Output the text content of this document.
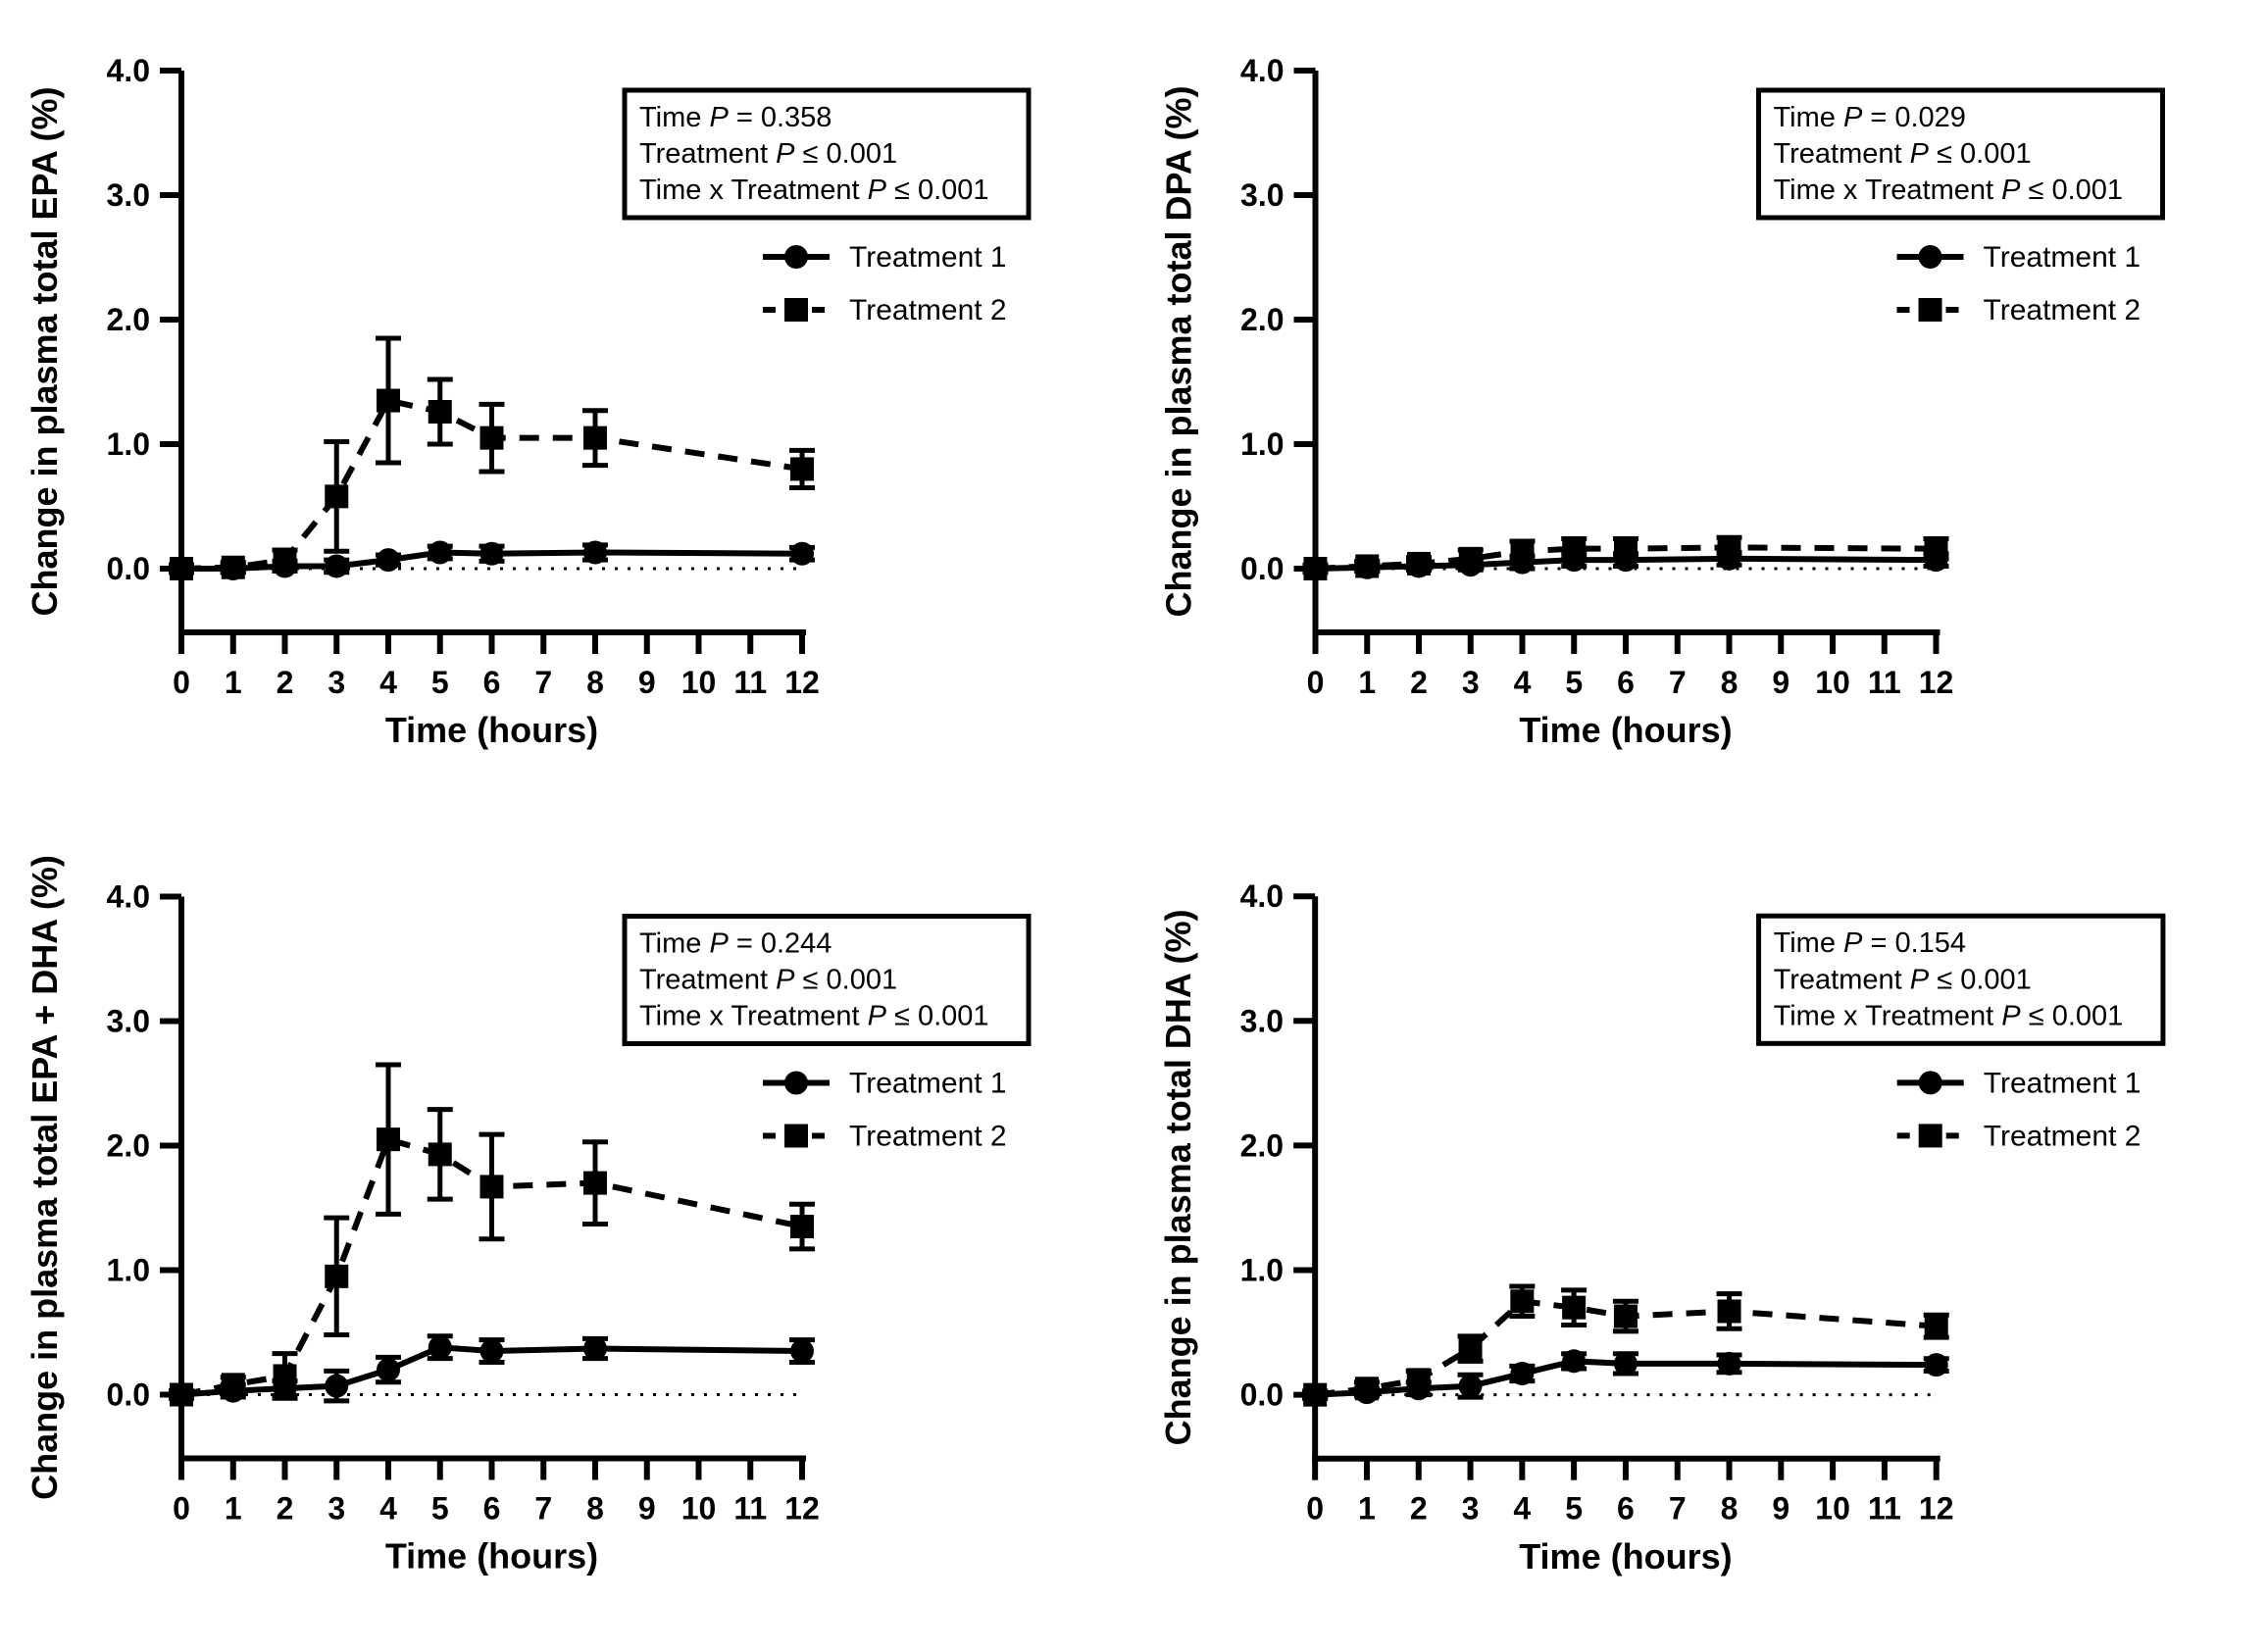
0.0
1.0
2.0
3.0
4.0
0 1 2 3 4 5 6 7 8 9 10 11 12
Change in plasma total EPA (%)
Time (hours)
Time P = 0.358
Treatment P ≤ 0.001
Time x Treatment P ≤ 0.001
Treatment 1
Treatment 2
0.0
1.0
2.0
3.0
4.0
0 1 2 3 4 5 6 7 8 9 10 11 12
Change in plasma total DPA (%)
Time (hours)
Time P = 0.029
Treatment P ≤ 0.001
Time x Treatment P ≤ 0.001
Treatment 1
Treatment 2
0.0
1.0
2.0
3.0
4.0
0 1 2 3 4 5 6 7 8 9 10 11 12
Change in plasma total EPA + DHA (%)
Time (hours)
Time P = 0.244
Treatment P ≤ 0.001
Time x Treatment P ≤ 0.001
Treatment 1
Treatment 2
0.0
1.0
2.0
3.0
4.0
0 1 2 3 4 5 6 7 8 9 10 11 12
Change in plasma total DHA (%)
Time (hours)
Time P = 0.154
Treatment P ≤ 0.001
Time x Treatment P ≤ 0.001
Treatment 1
Treatment 2
